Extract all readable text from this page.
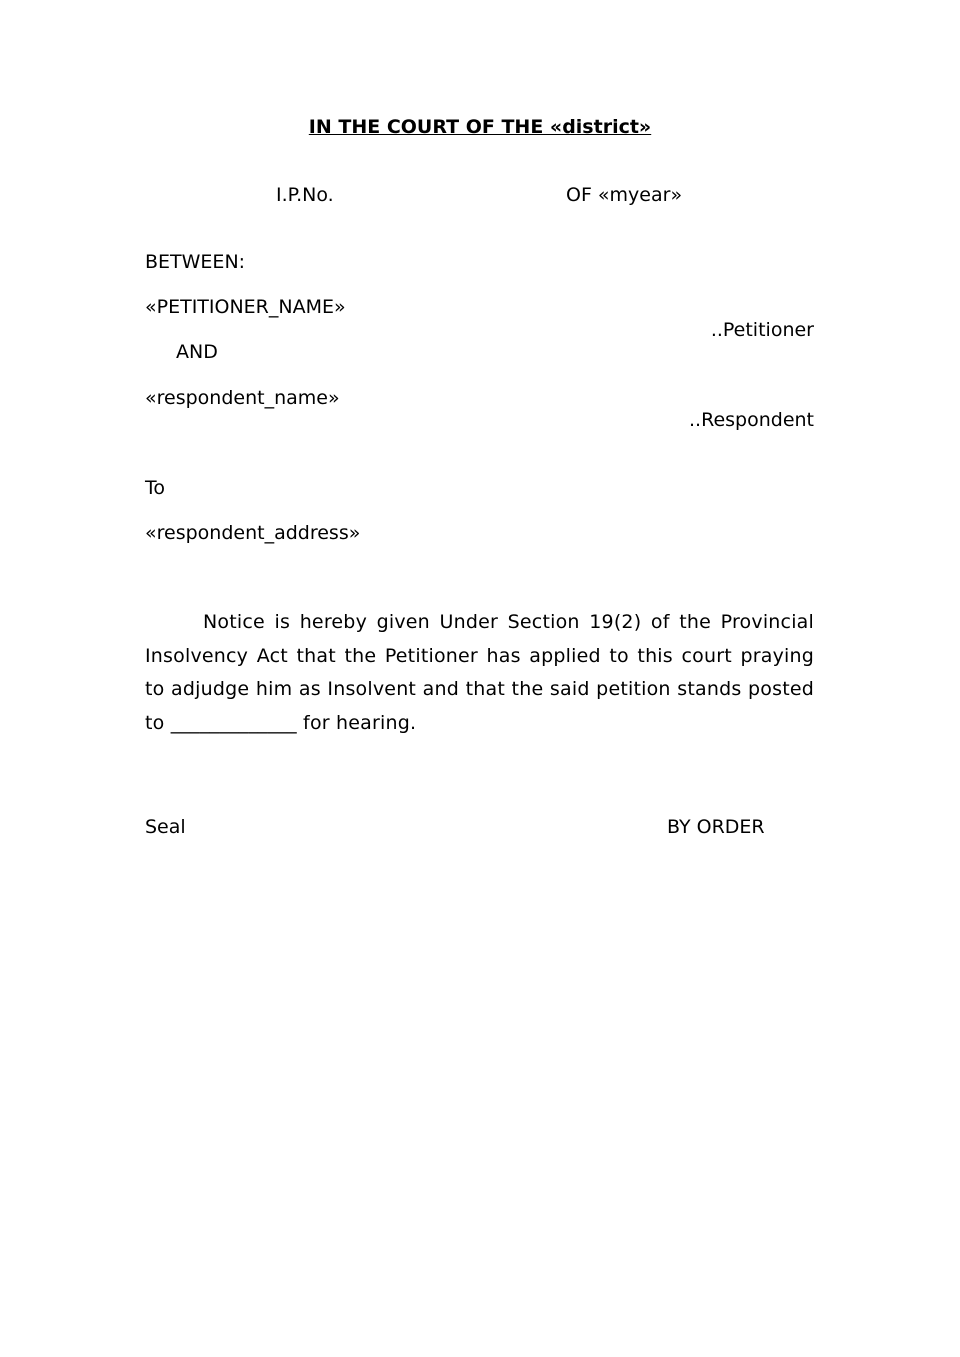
IN THE COURT OF THE «district»
I.P.No.	OF «myear»
BETWEEN:
«PETITIONER_NAME»
..Petitioner
AND
«respondent_name»
..Respondent
To
«respondent_address»
Notice is hereby given Under Section 19(2) of the Provincial Insolvency Act that the Petitioner has applied to this court praying to adjudge him as Insolvent and that the said petition stands posted to _____________ for hearing.
Seal	BY ORDER
